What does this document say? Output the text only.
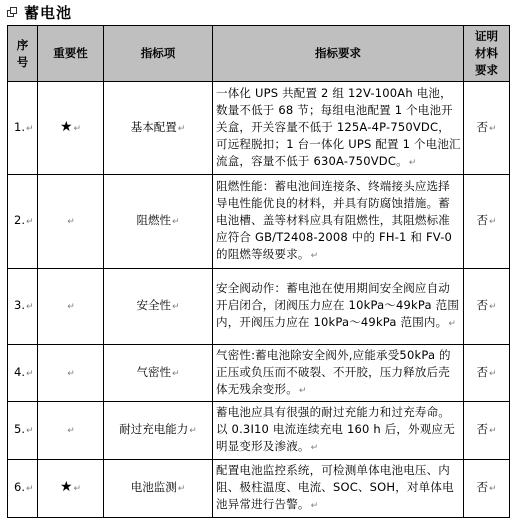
蓄电池
序号	重要性	指标项	指标要求	证明材料要求

1.↵	★↵	基本配置↵	一体化 UPS 共配置 2 组 12V-100Ah 电池，数量不低于 68 节；每组电池配置 1 个电池开关盒，开关容量不低于 125A-4P-750VDC，可远程脱扣；1 台一体化 UPS 配置 1 个电池汇流盒，容量不低于 630A-750VDC。↵	否↵
2.↵	↵	阻燃性↵	阻燃性能：蓄电池间连接条、终端接头应选择导电性能优良的材料，并具有防腐蚀措施。蓄电池槽、盖等材料应具有阻燃性，其阻燃标准应符合 GB/T2408-2008 中的 FH-1 和 FV-0 的阻燃等级要求。↵	否↵
3.↵	↵	安全性↵	安全阀动作：蓄电池在使用期间安全阀应自动开启闭合，闭阀压力应在 10kPa～49kPa 范围内，开阀压力应在 10kPa～49kPa 范围内。↵	否↵
4.↵	↵	气密性↵	气密性:蓄电池除安全阀外,应能承受50kPa 的正压或负压而不破裂、不开胶，压力释放后壳体无残余变形。↵	否↵
5.↵	↵	耐过充电能力↵	蓄电池应具有很强的耐过充能力和过充寿命。以 0.3I10 电流连续充电 160 h 后，外观应无明显变形及渗液。↵	否↵
6.↵	★↵	电池监测↵	配置电池监控系统，可检测单体电池电压、内阻、极柱温度、电流、SOC、SOH，对单体电池异常进行告警。↵	否↵
